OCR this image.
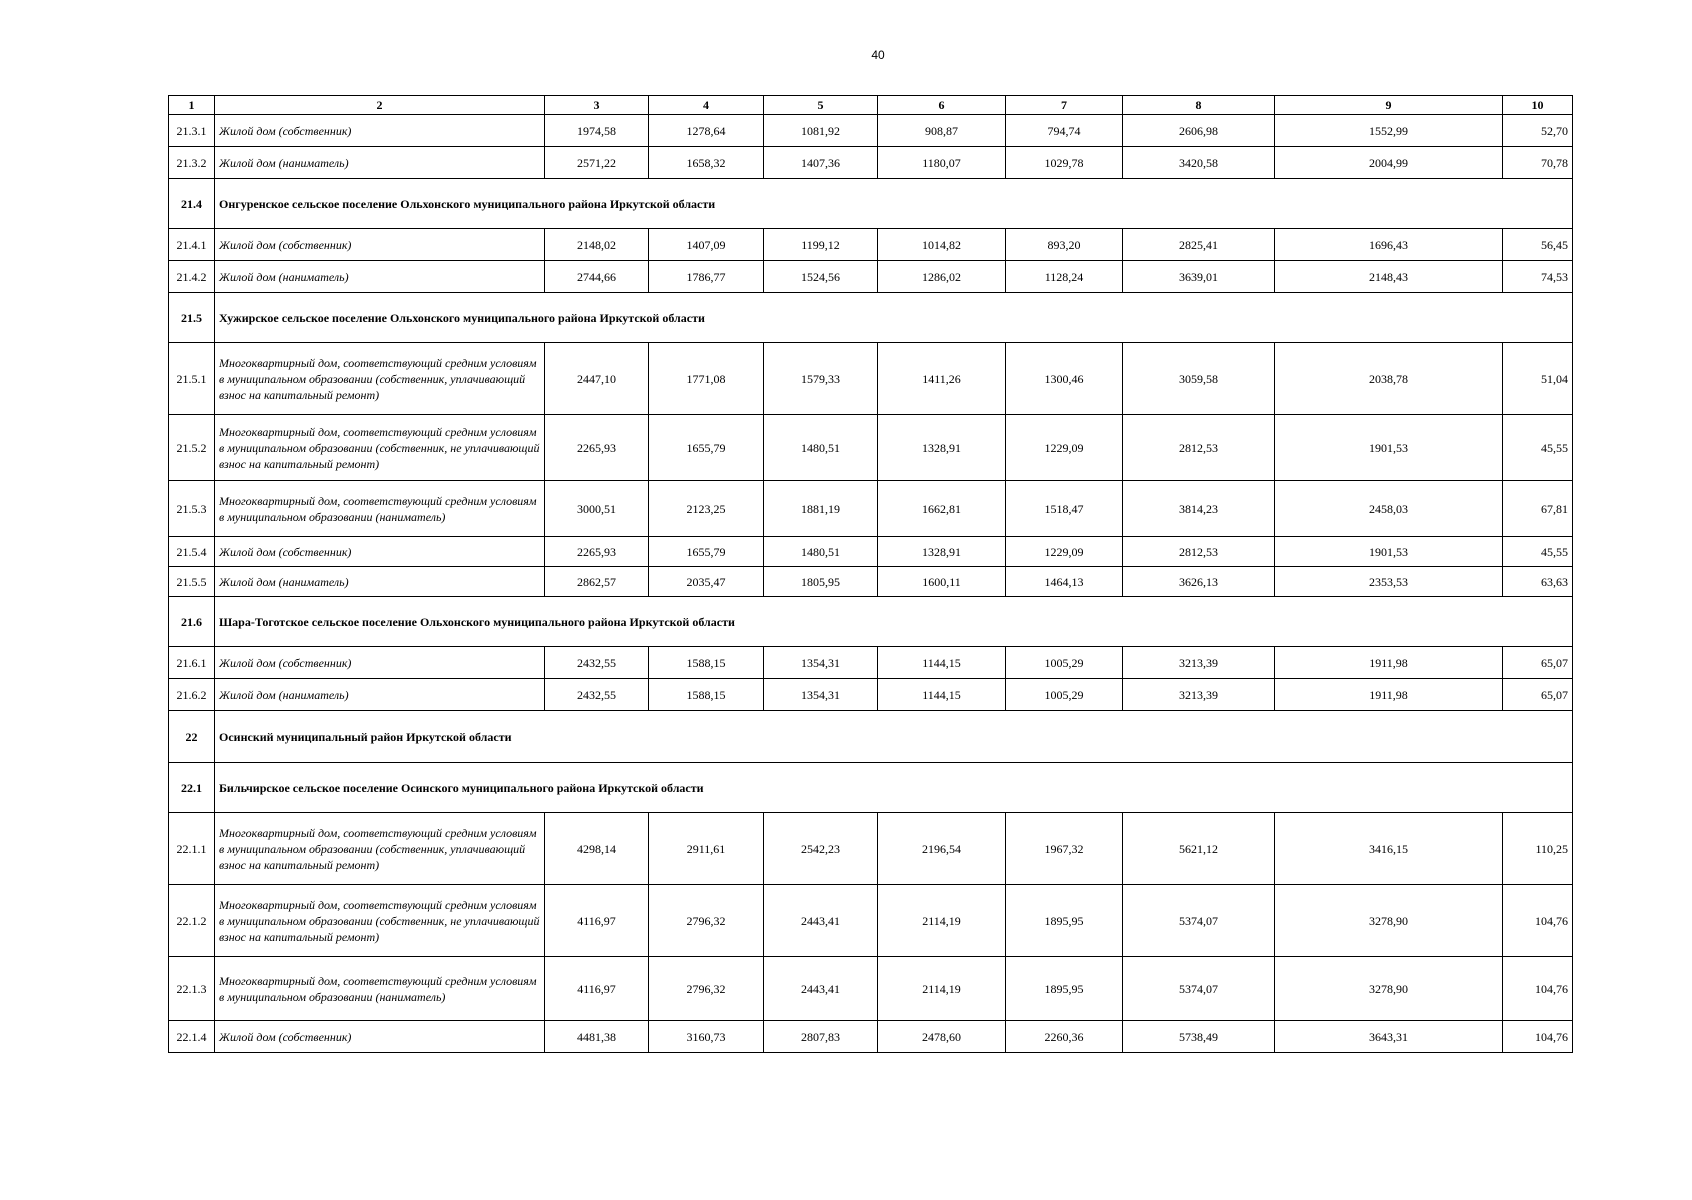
40
1	2	3	4	5	6	7	8	9	10
21.3.1	Жилой дом (собственник)	1974,58	1278,64	1081,92	908,87	794,74	2606,98	1552,99	52,70
21.3.2	Жилой дом (наниматель)	2571,22	1658,32	1407,36	1180,07	1029,78	3420,58	2004,99	70,78
21.4	Онгуренское сельское поселение Ольхонского муниципального района Иркутской области								
21.4.1	Жилой дом (собственник)	2148,02	1407,09	1199,12	1014,82	893,20	2825,41	1696,43	56,45
21.4.2	Жилой дом (наниматель)	2744,66	1786,77	1524,56	1286,02	1128,24	3639,01	2148,43	74,53
21.5	Хужирское сельское поселение Ольхонского муниципального района Иркутской области								
21.5.1	Многоквартирный дом, соответствующий средним условиям в муниципальном образовании (собственник, уплачивающий взнос на капитальный ремонт)	2447,10	1771,08	1579,33	1411,26	1300,46	3059,58	2038,78	51,04
21.5.2	Многоквартирный дом, соответствующий средним условиям в муниципальном образовании (собственник, не уплачивающий взнос на капитальный ремонт)	2265,93	1655,79	1480,51	1328,91	1229,09	2812,53	1901,53	45,55
21.5.3	Многоквартирный дом, соответствующий средним условиям в муниципальном образовании (наниматель)	3000,51	2123,25	1881,19	1662,81	1518,47	3814,23	2458,03	67,81
21.5.4	Жилой дом (собственник)	2265,93	1655,79	1480,51	1328,91	1229,09	2812,53	1901,53	45,55
21.5.5	Жилой дом (наниматель)	2862,57	2035,47	1805,95	1600,11	1464,13	3626,13	2353,53	63,63
21.6	Шара-Тоготское сельское поселение Ольхонского муниципального района Иркутской области								
21.6.1	Жилой дом (собственник)	2432,55	1588,15	1354,31	1144,15	1005,29	3213,39	1911,98	65,07
21.6.2	Жилой дом (наниматель)	2432,55	1588,15	1354,31	1144,15	1005,29	3213,39	1911,98	65,07
22	Осинский муниципальный район Иркутской области								
22.1	Бильчирское сельское поселение Осинского муниципального района Иркутской области								
22.1.1	Многоквартирный дом, соответствующий средним условиям в муниципальном образовании (собственник, уплачивающий взнос на капитальный ремонт)	4298,14	2911,61	2542,23	2196,54	1967,32	5621,12	3416,15	110,25
22.1.2	Многоквартирный дом, соответствующий средним условиям в муниципальном образовании (собственник, не уплачивающий взнос на капитальный ремонт)	4116,97	2796,32	2443,41	2114,19	1895,95	5374,07	3278,90	104,76
22.1.3	Многоквартирный дом, соответствующий средним условиям в муниципальном образовании (наниматель)	4116,97	2796,32	2443,41	2114,19	1895,95	5374,07	3278,90	104,76
22.1.4	Жилой дом (собственник)	4481,38	3160,73	2807,83	2478,60	2260,36	5738,49	3643,31	104,76
